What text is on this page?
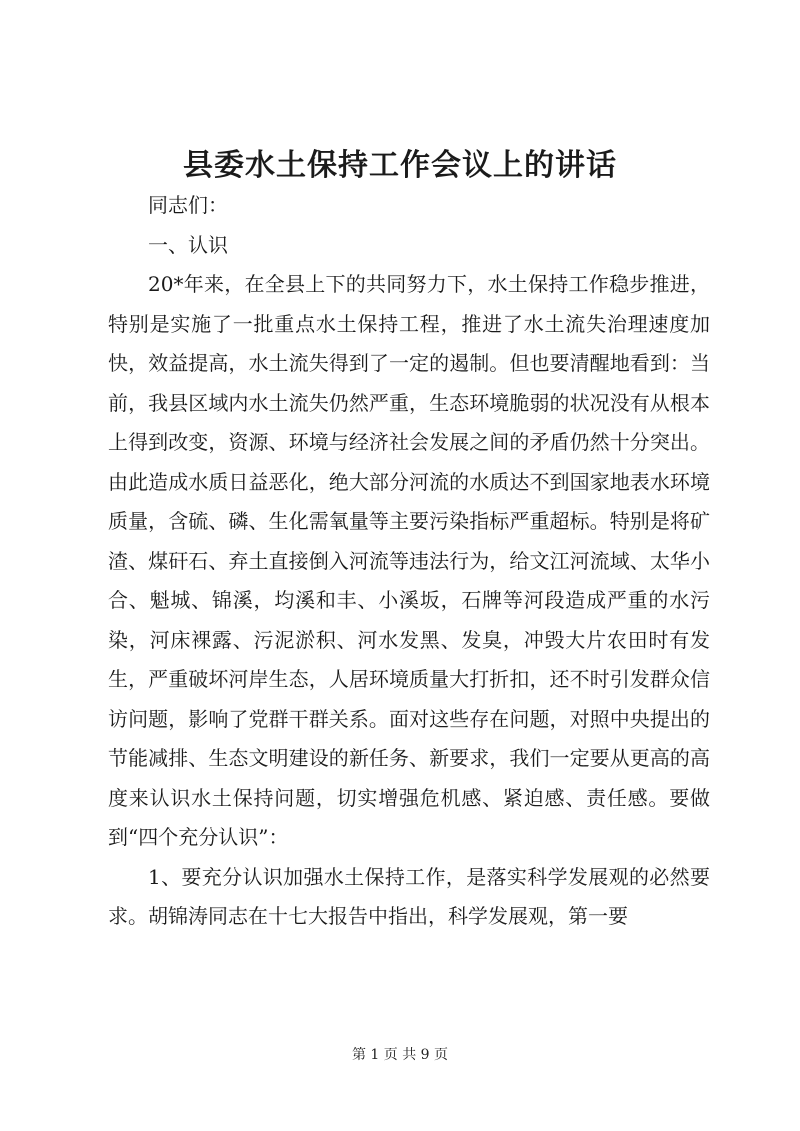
县委水土保持工作会议上的讲话

同志们：

一、认识

20*年来，在全县上下的共同努力下，水土保持工作稳步推进，特别是实施了一批重点水土保持工程，推进了水土流失治理速度加快，效益提高，水土流失得到了一定的遏制。但也要清醒地看到：当前，我县区域内水土流失仍然严重，生态环境脆弱的状况没有从根本上得到改变，资源、环境与经济社会发展之间的矛盾仍然十分突出。由此造成水质日益恶化，绝大部分河流的水质达不到国家地表水环境质量，含硫、磷、生化需氧量等主要污染指标严重超标。特别是将矿渣、煤矸石、弃土直接倒入河流等违法行为，给文江河流域、太华小合、魁城、锦溪，均溪和丰、小溪坂，石牌等河段造成严重的水污染，河床裸露、污泥淤积、河水发黑、发臭，冲毁大片农田时有发生，严重破坏河岸生态，人居环境质量大打折扣，还不时引发群众信访问题，影响了党群干群关系。面对这些存在问题，对照中央提出的节能减排、生态文明建设的新任务、新要求，我们一定要从更高的高度来认识水土保持问题，切实增强危机感、紧迫感、责任感。要做到“四个充分认识”：

1、要充分认识加强水土保持工作，是落实科学发展观的必然要求。胡锦涛同志在十七大报告中指出，科学发展观，第一要

第 1 页 共 9 页
